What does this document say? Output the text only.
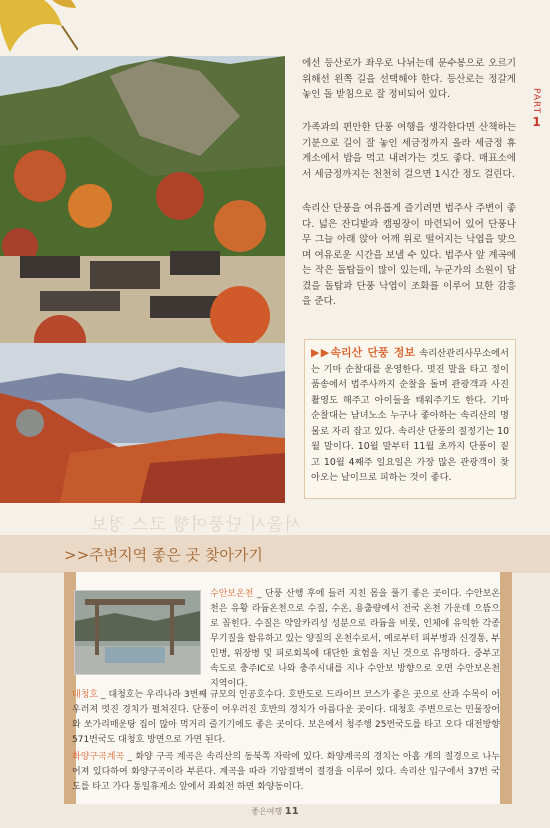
PART
1

에선 등산로가 좌우로 나뉘는데 문수봉으로 오르기 위해선 왼쪽 길을 선택해야 한다. 등산로는 정갈게 놓인 돌 받침으로 잘 정비되어 있다.

가족과의 편안한 단풍 여행을 생각한다면 산책하는 기분으로 길이 잘 놓인 세금정까지 올라 세금정 휴게소에서 밥을 먹고 내려가는 것도 좋다. 매표소에서 세금정까지는 천천히 걸으면 1시간 정도 걸린다.

속리산 단풍을 여유롭게 즐기려면 법주사 주변이 좋다. 넓은 잔디밭과 캠핑장이 마련되어 있어 단풍나무 그늘 아래 앉아 어깨 위로 떨어지는 낙엽을 맞으며 여유로운 시간을 보낼 수 있다. 법주사 앞 계곡에는 작은 돌탑들이 많이 있는데, 누군가의 소원이 담겼을 돌탑과 단풍 낙엽이 조화를 이루어 묘한 감흥을 준다.

▶▶속리산 단풍 정보 속리산관리사무소에서는 기마 순찰대를 운영한다. 멋진 말을 타고 정이품송에서 법주사까지 순찰을 돌며 관광객과 사진 촬영도 해주고 아이들을 태워주기도 한다. 기마 순찰대는 남녀노소 누구나 좋아하는 속리산의 명물로 자리 잡고 있다. 속리산 단풍의 절정기는 10월 말이다. 10월 말부터 11월 초까지 단풍이 짙고 10월 4째주 일요일은 가장 많은 관광객이 찾아오는 날이므로 피하는 것이 좋다.
서울시 단풍여행 코스 정보
>>주변지역 좋은 곳 찾아가기

수안보온천 _ 단풍 산행 후에 들러 지친 몸을 풀기 좋은 곳이다. 수안보온천은 유황 라듐온천으로 수질, 수온, 용출량에서 전국 온천 가운데 으뜸으로 꼽힌다. 수질은 약알카리성 성분으로 라듐을 비롯, 인체에 유익한 각종 무기질을 함유하고 있는 양질의 온천수로서, 예로부터 피부병과 신경통, 부인병, 위장병 및 피로회복에 대단한 효험을 지닌 것으로 유명하다. 중부고속도로 충주IC로 나와 충주시내를 지나 수안보 방향으로 오면 수안보온천 지역이다.

대청호 _ 대청호는 우리나라 3번째 규모의 인공호수다. 호반도로 드라이브 코스가 좋은 곳으로 산과 수목이 어우러져 멋진 경치가 펼쳐진다. 단풍이 어우러진 호반의 경치가 아름다운 곳이다. 대청호 주변으로는 민물장어와 쏘가리매운탕 집이 많아 먹거리 즐기기에도 좋은 곳이다. 보은에서 청주행 25번국도를 타고 오다 대전방향 571번국도 대청호 방면으로 가면 된다.

화양구곡계곡 _ 화양 구곡 계곡은 속리산의 동북쪽 자락에 있다. 화양계곡의 경치는 아홉 개의 절경으로 나누어져 있다하여 화양구곡이라 부른다. 계곡을 따라 기암절벽이 절경을 이루어 있다. 속리산 입구에서 37번 국도를 타고 가다 통일휴게소 앞에서 좌회전 하면 화양동이다.

좋은여행 11
